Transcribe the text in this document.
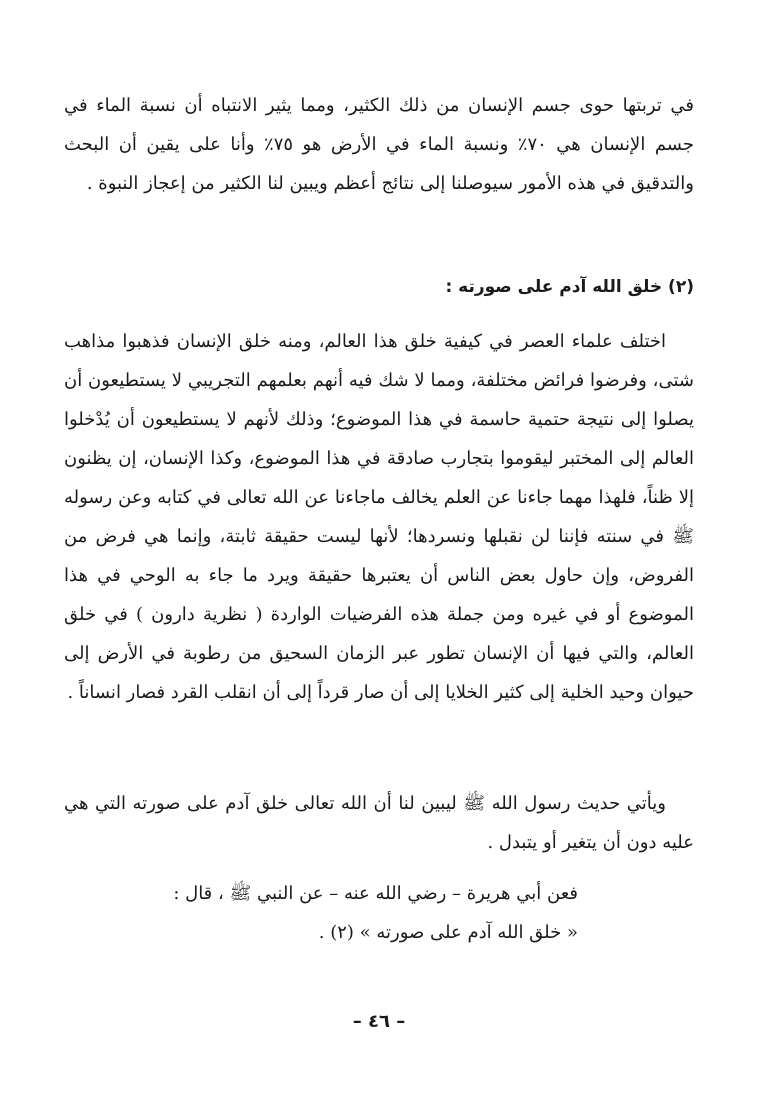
في تربتها حوى جسم الإنسان من ذلك الكثير، ومما يثير الانتباه أن نسبة الماء في جسم الإنسان هي ٧٠٪ ونسبة الماء في الأرض هو ٧٥٪ وأنا على يقين أن البحث والتدقيق في هذه الأمور سيوصلنا إلى نتائج أعظم ويبين لنا الكثير من إعجاز النبوة .
(٢) خلق الله آدم على صورته :
اختلف علماء العصر في كيفية خلق هذا العالم، ومنه خلق الإنسان فذهبوا مذاهب شتى، وفرضوا فرائض مختلفة، ومما لا شك فيه أنهم بعلمهم التجريبي لا يستطيعون أن يصلوا إلى نتيجة حتمية حاسمة في هذا الموضوع؛ وذلك لأنهم لا يستطيعون أن يُدْخلوا العالم إلى المختبر ليقوموا بتجارب صادقة في هذا الموضوع، وكذا الإنسان، إن يظنون إلا ظناً، فلهذا مهما جاءنا عن العلم يخالف ماجاءنا عن الله تعالى في كتابه وعن رسوله ﷺ في سنته فإننا لن نقبلها ونسردها؛ لأنها ليست حقيقة ثابتة، وإنما هي فرض من الفروض، وإن حاول بعض الناس أن يعتبرها حقيقة ويرد ما جاء به الوحي في هذا الموضوع أو في غيره ومن جملة هذه الفرضيات الواردة ( نظرية دارون ) في خلق العالم، والتي فيها أن الإنسان تطور عبر الزمان السحيق من رطوبة في الأرض إلى حيوان وحيد الخلية إلى كثير الخلايا إلى أن صار قرداً إلى أن انقلب القرد فصار انساناً .
ويأتي حديث رسول الله ﷺ ليبين لنا أن الله تعالى خلق آدم على صورته التي هي عليه دون أن يتغير أو يتبدل .
فعن أبي هريرة – رضي الله عنه – عن النبي ﷺ ، قال :
« خلق الله آدم على صورته » (٢) .
– ٤٦ –
